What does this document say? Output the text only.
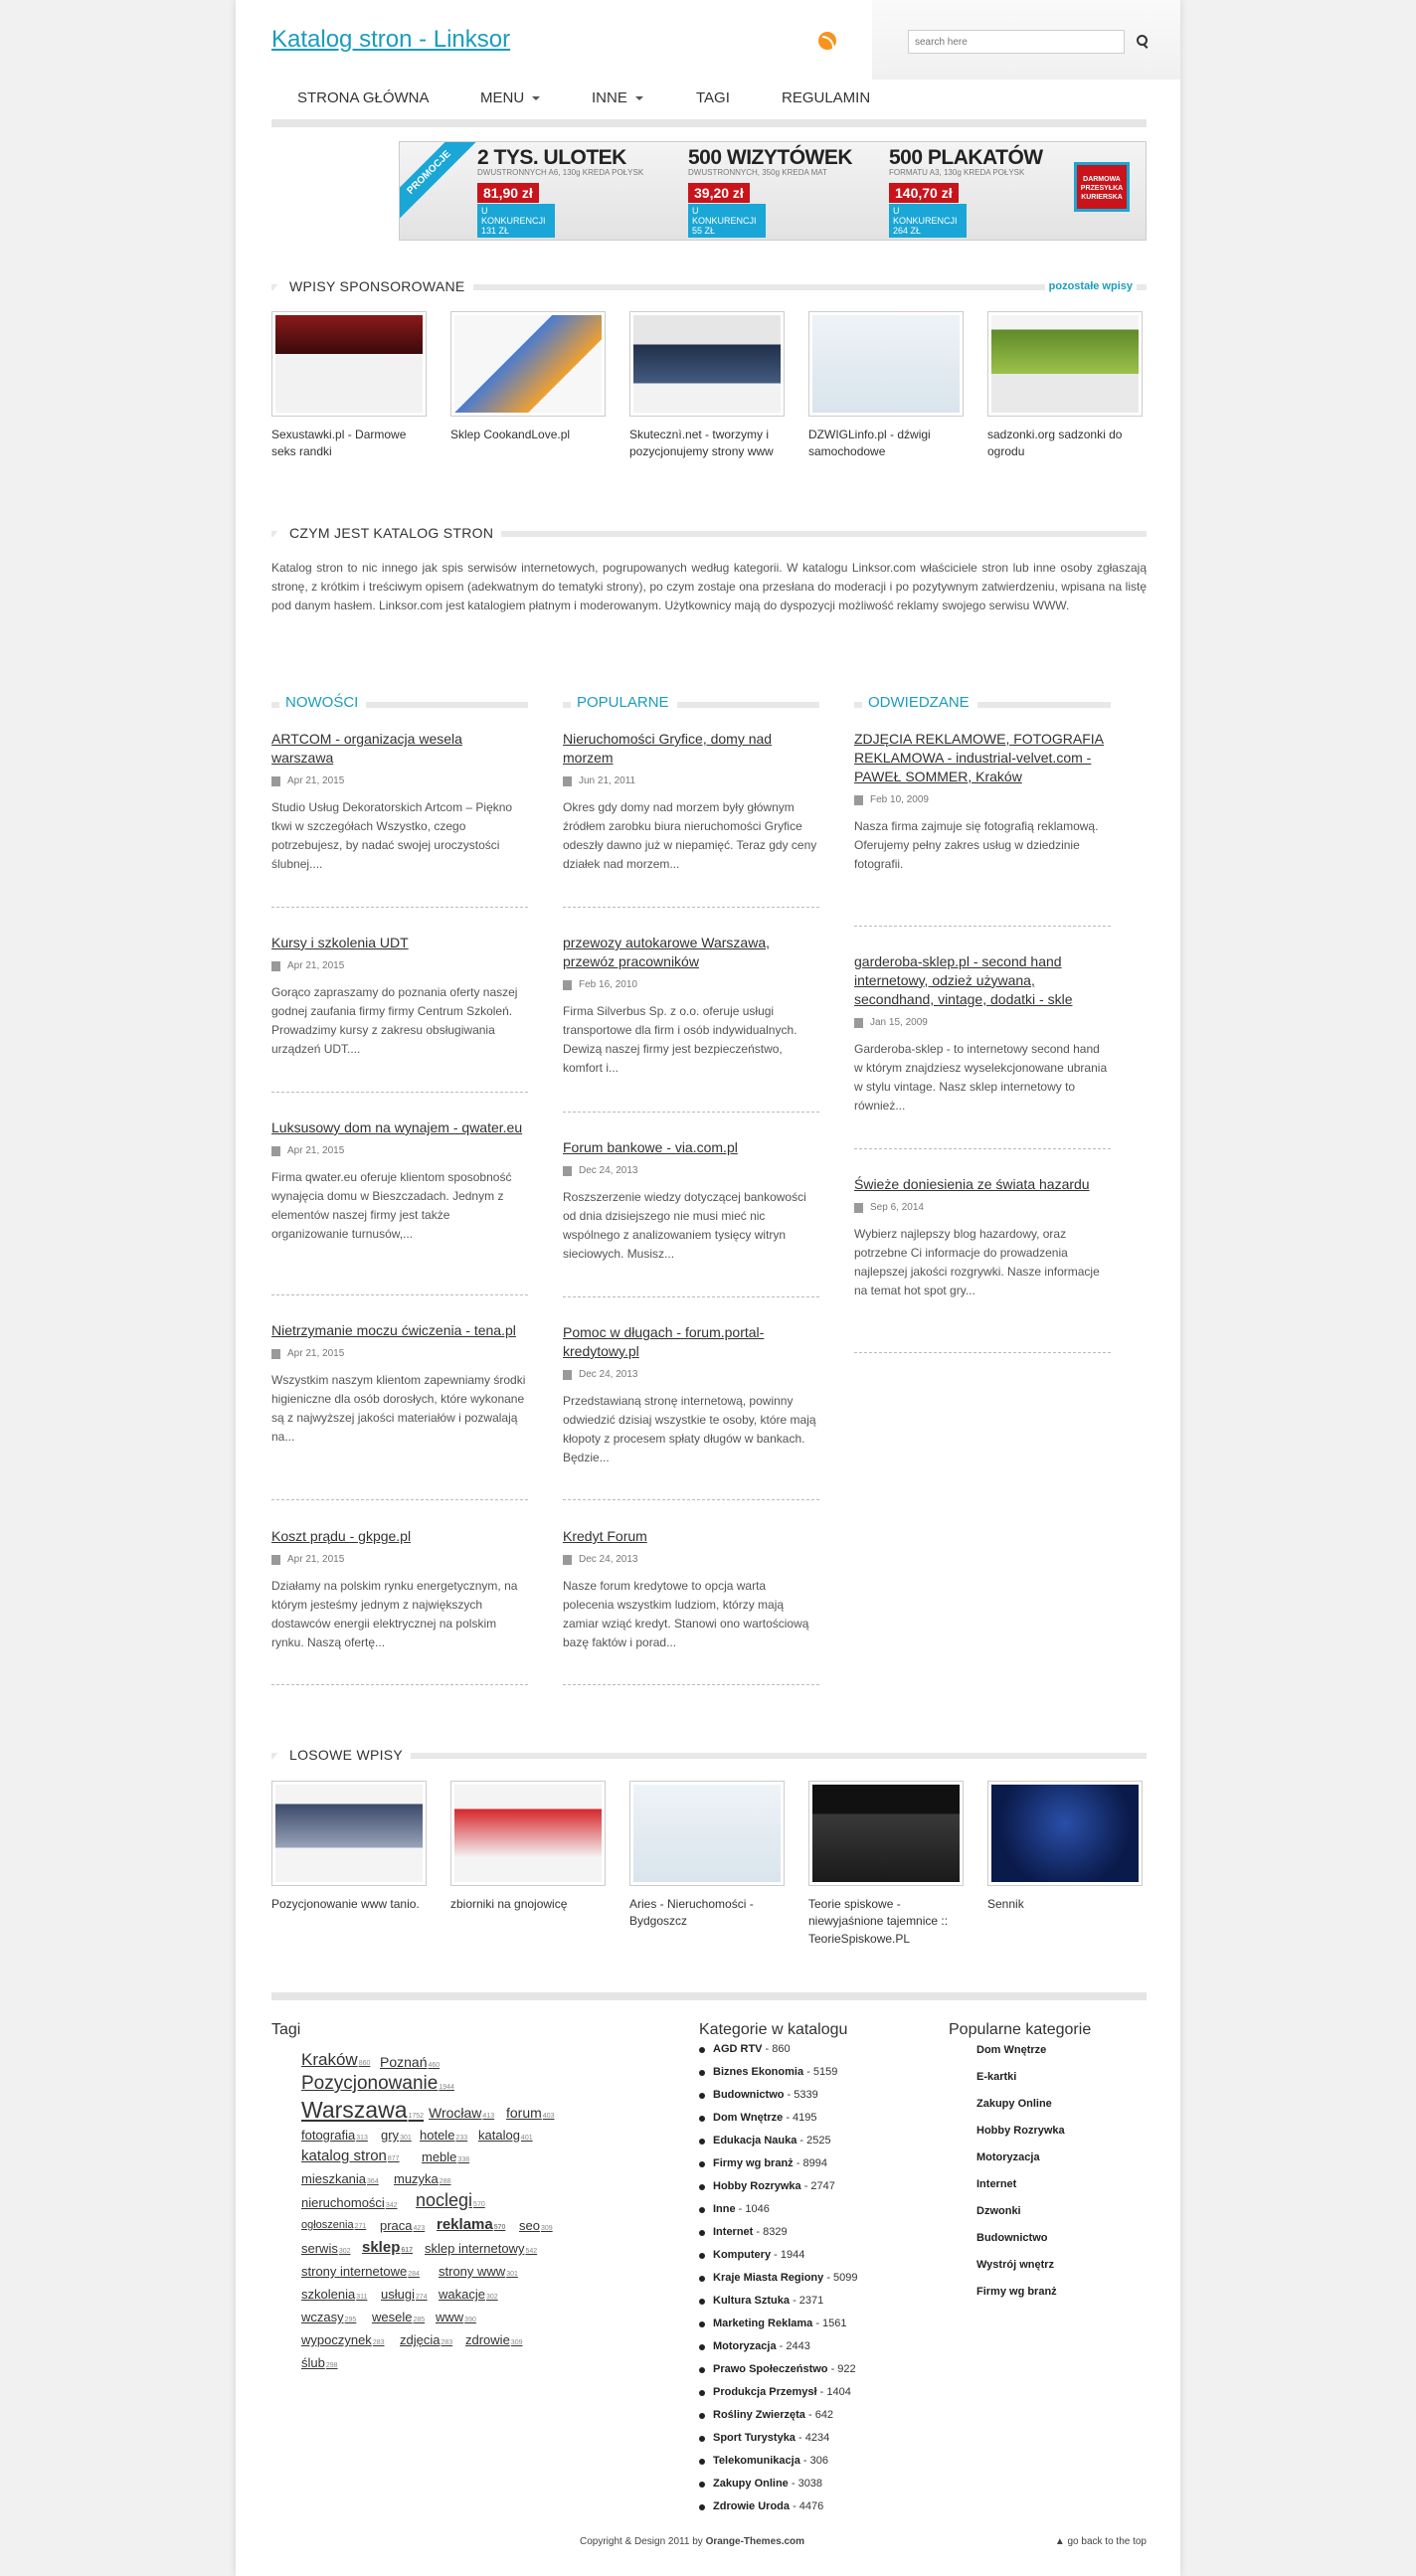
Katalog stron - Linksor
search here
STRONA GŁÓWNA	MENU	INNE	TAGI	REGULAMIN
PROMOCJE	2 TYS. ULOTEK
DWUSTRONNYCH A6, 130g KREDA POŁYSK
81,90 zł
U KONKURENCJI 131 ZŁ
500 WIZYTÓWEK
DWUSTRONNYCH, 350g KREDA MAT
39,20 zł
U KONKURENCJI 55 ZŁ
500 PLAKATÓW
FORMATU A3, 130g KREDA POŁYSK
140,70 zł
U KONKURENCJI 264 ZŁ
DARMOWA PRZESYŁKA KURIERSKA
WPISY SPONSOROWANE	pozostałe wpisy
Sexustawki.pl - Darmowe seks randki
Sklep CookandLove.pl	Skutecznì.net - tworzymy i pozycjonujemy strony www
DZWIGLinfo.pl - dźwigi samochodowe
sadzonki.org sadzonki do ogrodu
CZYM JEST KATALOG STRON

Katalog stron to nic innego jak spis serwisów internetowych, pogrupowanych według kategorii. W katalogu Linksor.com właściciele stron lub inne osoby zgłaszają stronę, z krótkim i treściwym opisem (adekwatnym do tematyki strony), po czym zostaje ona przesłana do moderacji i po pozytywnym zatwierdzeniu, wpisana na listę pod danym hasłem. Linksor.com jest katalogiem płatnym i moderowanym. Użytkownicy mają do dyspozycji możliwość reklamy swojego serwisu WWW.

NOWOŚCI	POPULARNE	ODWIEDZANE
ARTCOM - organizacja wesela warszawa
Apr 21, 2015
Studio Usług Dekoratorskich Artcom – Piękno tkwi w szczegółach Wszystko, czego potrzebujesz, by nadać swojej uroczystości ślubnej....
Kursy i szkolenia UDT
Apr 21, 2015
Gorąco zapraszamy do poznania oferty naszej godnej zaufania firmy firmy Centrum Szkoleń. Prowadzimy kursy z zakresu obsługiwania urządzeń UDT....
Luksusowy dom na wynajem - qwater.eu
Apr 21, 2015
Firma qwater.eu oferuje klientom sposobność wynajęcia domu w Bieszczadach. Jednym z elementów naszej firmy jest także organizowanie turnusów,...
Nietrzymanie moczu ćwiczenia - tena.pl
Apr 21, 2015
Wszystkim naszym klientom zapewniamy środki higieniczne dla osób dorosłych, które wykonane są z najwyższej jakości materiałów i pozwalają na...
Koszt prądu - gkpge.pl
Apr 21, 2015
Działamy na polskim rynku energetycznym, na którym jesteśmy jednym z największych dostawców energii elektrycznej na polskim rynku. Naszą ofertę...
Nieruchomości Gryfice, domy nad morzem
Jun 21, 2011
Okres gdy domy nad morzem były głównym źródłem zarobku biura nieruchomości Gryfice odeszły dawno już w niepamięć. Teraz gdy ceny działek nad morzem...
przewozy autokarowe Warszawa, przewóz pracowników
Feb 16, 2010
Firma Silverbus Sp. z o.o. oferuje usługi transportowe dla firm i osób indywidualnych. Dewizą naszej firmy jest bezpieczeństwo, komfort i...
Forum bankowe - via.com.pl
Dec 24, 2013
Roszszerzenie wiedzy dotyczącej bankowości od dnia dzisiejszego nie musi mieć nic wspólnego z analizowaniem tysięcy witryn sieciowych. Musisz...
Pomoc w długach - forum.portal-kredytowy.pl
Dec 24, 2013
Przedstawianą stronę internetową, powinny odwiedzić dzisiaj wszystkie te osoby, które mają kłopoty z procesem spłaty długów w bankach. Będzie...
Kredyt Forum
Dec 24, 2013
Nasze forum kredytowe to opcja warta polecenia wszystkim ludziom, którzy mają zamiar wziąć kredyt. Stanowi ono wartościową bazę faktów i porad...
ZDJĘCIA REKLAMOWE, FOTOGRAFIA REKLAMOWA - industrial-velvet.com - PAWEŁ SOMMER, Kraków
Feb 10, 2009
Nasza firma zajmuje się fotografią reklamową. Oferujemy pełny zakres usług w dziedzinie fotografii.
garderoba-sklep.pl - second hand internetowy, odzież używana, secondhand, vintage, dodatki - skle
Jan 15, 2009
Garderoba-sklep - to internetowy second hand w którym znajdziesz wyselekcjonowane ubrania w stylu vintage. Nasz sklep internetowy to również...
Świeże doniesienia ze świata hazardu
Sep 6, 2014
Wybierz najlepszy blog hazardowy, oraz potrzebne Ci informacje do prowadzenia najlepszej jakości rozgrywki. Nasze informacje na temat hot spot gry...
LOSOWE WPISY
Pozycjonowanie www tanio.	zbiorniki na gnojowicę	Aries - Nieruchomości - Bydgoszcz
Teorie spiskowe - niewyjaśnione tajemnice :: TeorieSpiskowe.PL
Sennik
Tagi
Kraków860 Poznań460
Pozycjonowanie1944
Warszawa1752 Wrocław413 forum403
fotografia313 gry301 hotele233 katalog401
katalog stron877 meble338
mieszkania364 muzyka288
nieruchomości342 noclegi570
ogłoszenia271 praca423 reklama570 seo309
serwis302 sklep617 sklep internetowy542
strony internetowe284 strony www301
szkolenia311 usługi274 wakacje302
wczasy295 wesele285 www390
wypoczynek283 zdjęcia283 zdrowie309
ślub298
Kategorie w katalogu
AGD RTV - 860
Biznes Ekonomia - 5159
Budownictwo - 5339
Dom Wnętrze - 4195
Edukacja Nauka - 2525
Firmy wg branż - 8994
Hobby Rozrywka - 2747
Inne - 1046
Internet - 8329
Komputery - 1944
Kraje Miasta Regiony - 5099
Kultura Sztuka - 2371
Marketing Reklama - 1561
Motoryzacja - 2443
Prawo Społeczeństwo - 922
Produkcja Przemysł - 1404
Rośliny Zwierzęta - 642
Sport Turystyka - 4234
Telekomunikacja - 306
Zakupy Online - 3038
Zdrowie Uroda - 4476
Popularne kategorie
Dom Wnętrze
E-kartki
Zakupy Online
Hobby Rozrywka
Motoryzacja
Internet
Dzwonki
Budownictwo
Wystrój wnętrz
Firmy wg branż
Copyright & Design 2011 by Orange-Themes.com	▲ go back to the top
